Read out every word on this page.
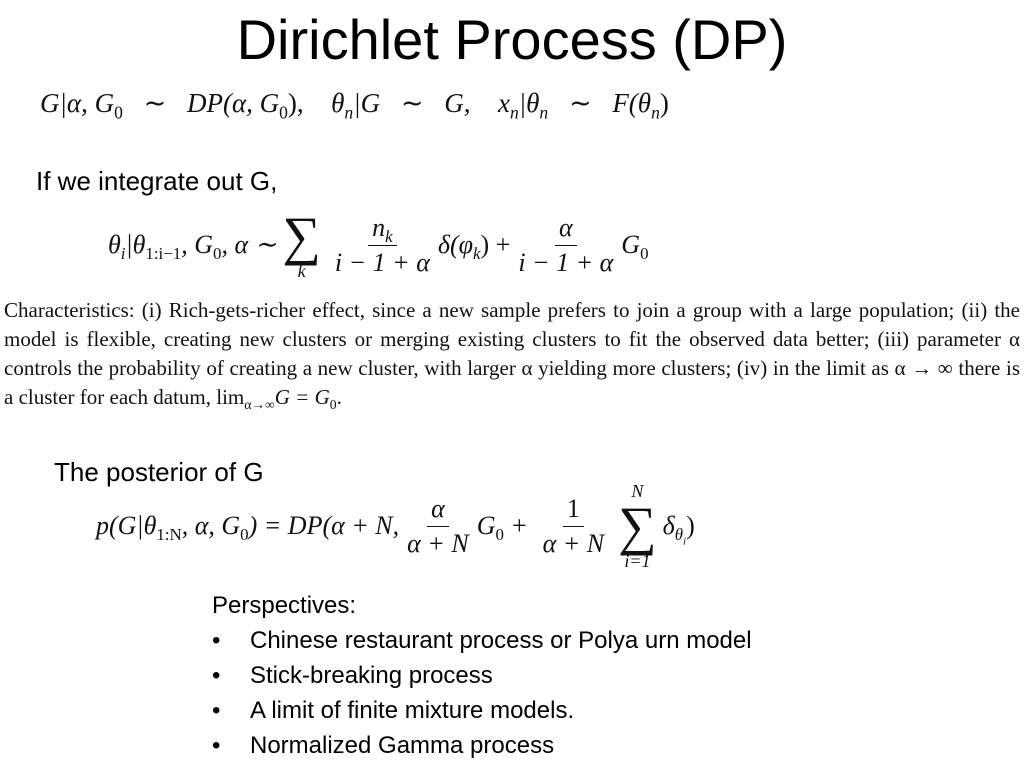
Dirichlet Process (DP)
G|α, $G_0$ ∼ DP(α, $G_0$), $\theta_n|G$ ∼ G, $x_n|\theta_n$ ∼ $F(\theta_n)$
If we integrate out G,
$\theta_i|\theta_{1:i-1}$, $G_0$, α ∼ ∑
k $\frac{n_k}{i - 1 + \alpha} \delta(\varphi_k) + \frac{\alpha}{i - 1 + \alpha} G_0$
Characteristics: (i) Rich-gets-richer effect, since a new sample prefers to join a group with a large population; (ii) the model is flexible, creating new clusters or merging existing clusters to fit the observed data better; (iii) parameter α controls the probability of creating a new cluster, with larger α yielding more clusters; (iv) in the limit as α → ∞ there is a cluster for each datum, $\lim_{\alpha\to\infty}G = G_0$.
The posterior of G
$p(G|\theta_{1:N}$, α, $G_0) = DP(\alpha + N$, $\frac{\alpha}{\alpha + N} G_0 + \frac{1}{\alpha + N}$
N
∑
i=1
$\delta_{\theta_i}$)
Perspectives:
• Chinese restaurant process or Polya urn model
• Stick-breaking process
• A limit of finite mixture models.
• Normalized Gamma process
